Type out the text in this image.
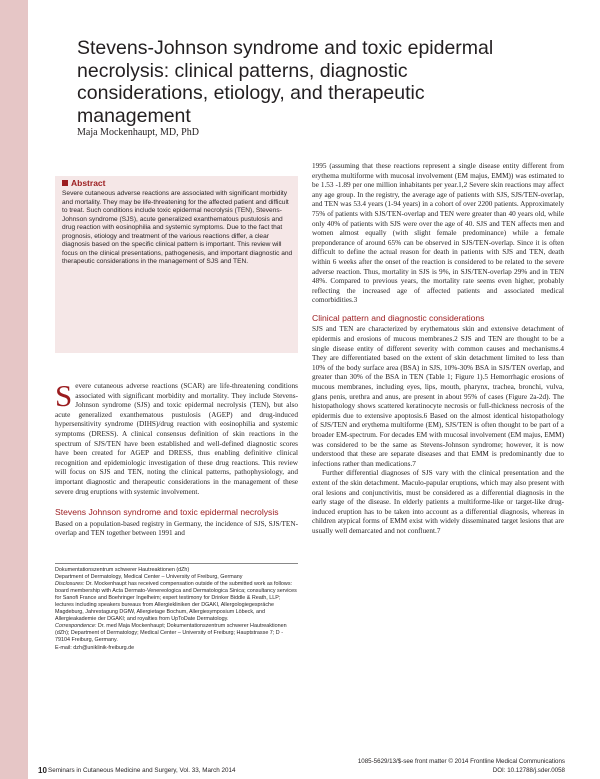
Stevens-Johnson syndrome and toxic epidermal necrolysis: clinical patterns, diagnostic considerations, etiology, and therapeutic management
Maja Mockenhaupt, MD, PhD
Abstract

Severe cutaneous adverse reactions are associated with significant morbidity and mortality. They may be life-threatening for the affected patient and difficult to treat. Such conditions include toxic epidermal necrolysis (TEN), Stevens-Johnson syndrome (SJS), acute generalized exanthematous pustulosis and drug reaction with eosinophilia and systemic symptoms. Due to the fact that prognosis, etiology and treatment of the various reactions differ, a clear diagnosis based on the specific clinical pattern is important. This review will focus on the clinical presentations, pathogenesis, and important diagnostic and therapeutic considerations in the management of SJS and TEN.

Severe cutaneous adverse reactions (SCAR) are life-threatening conditions associated with significant morbidity and mortality. They include Stevens-Johnson syndrome (SJS) and toxic epidermal necrolysis (TEN), but also acute generalized exanthematous pustulosis (AGEP) and drug-induced hypersensitivity syndrome (DIHS)/drug reaction with eosinophilia and systemic symptoms (DRESS). A clinical consensus definition of skin reactions in the spectrum of SJS/TEN have been established and well-defined diagnostic scores have been created for AGEP and DRESS, thus enabling definitive clinical recognition and epidemiologic investigation of these drug reactions. This review will focus on SJS and TEN, noting the clinical patterns, pathophysiology, and important diagnostic and therapeutic considerations in the management of these severe drug eruptions with systemic involvement.

Stevens Johnson syndrome and toxic epidermal necrolysis

Based on a population-based registry in Germany, the incidence of SJS, SJS/TEN-overlap and TEN together between 1991 and

Dokumentationszentrum schwerer Hautreaktionen (dZh)

Department of Dermatology, Medical Center – University of Freiburg, Germany

Disclosures: Dr. Mockenhaupt has received compensation outside of the submitted work as follows: board membership with Acta Dermato-Venereologica and Dermatologica Sinica; consultancy services for Sanofi France and Boehringer Ingelheim; expert testimony for Drinker Biddle & Reath, LLP; lectures including speakers bureaus from Allergiekliniken der DGAKI, Allergologiegespräche Magdeburg, Jahrestagung DGfW, Allergietage Bochum, Allergiesymposium Löbeck, and Allergieakademie der DGAKI; and royalties from UpToDate Dermatology.

Correspondence: Dr. med Maja Mockenhaupt; Dokumentationszentrum schwerer Hautreaktionen (dZh); Department of Dermatology; Medical Center – University of Freiburg; Hauptstrasse 7; D - 79104 Freiburg, Germany.

E-mail: dzh@uniklinik-freiburg.de

1995 (assuming that these reactions represent a single disease entity different from erythema multiforme with mucosal involvement (EM majus, EMM)) was estimated to be 1.53 -1.89 per one million inhabitants per year.1,2 Severe skin reactions may affect any age group. In the registry, the average age of patients with SJS, SJS/TEN-overlap, and TEN was 53.4 years (1-94 years) in a cohort of over 2200 patients. Approximately 75% of patients with SJS/TEN-overlap and TEN were greater than 40 years old, while only 40% of patients with SJS were over the age of 40. SJS and TEN affects men and women almost equally (with slight female predominance) while a female preponderance of around 65% can be observed in SJS/TEN-overlap. Since it is often difficult to define the actual reason for death in patients with SJS and TEN, death within 6 weeks after the onset of the reaction is considered to be related to the severe adverse reaction. Thus, mortality in SJS is 9%, in SJS/TEN-overlap 29% and in TEN 48%. Compared to previous years, the mortality rate seems even higher, probably reflecting the increased age of affected patients and associated medical comorbidities.3

Clinical pattern and diagnostic considerations

SJS and TEN are characterized by erythematous skin and extensive detachment of epidermis and erosions of mucous membranes.2 SJS and TEN are thought to be a single disease entity of different severity with common causes and mechanisms.4 They are differentiated based on the extent of skin detachment limited to less than 10% of the body surface area (BSA) in SJS, 10%-30% BSA in SJS/TEN overlap, and greater than 30% of the BSA in TEN (Table 1; Figure 1).5 Hemorrhagic erosions of mucous membranes, including eyes, lips, mouth, pharynx, trachea, bronchi, vulva, glans penis, urethra and anus, are present in about 95% of cases (Figure 2a-2d). The histopathology shows scattered keratinocyte necrosis or full-thickness necrosis of the epidermis due to extensive apoptosis.6 Based on the almost identical histopathology of SJS/TEN and erythema multiforme (EM), SJS/TEN is often thought to be part of a broader EM-spectrum. For decades EM with mucosal involvement (EM majus, EMM) was considered to be the same as Stevens-Johnson syndrome; however, it is now understood that these are separate diseases and that EMM is predominantly due to infections rather than medications.7

Further differential diagnoses of SJS vary with the clinical presentation and the extent of the skin detachment. Maculo-papular eruptions, which may also present with oral lesions and conjunctivitis, must be considered as a differential diagnosis in the early stage of the disease. In elderly patients a multiforme-like or target-like drug-induced eruption has to be taken into account as a differential diagnosis, whereas in children atypical forms of EMM exist with widely disseminated target lesions that are usually well demarcated and not confluent.7

10 Seminars in Cutaneous Medicine and Surgery, Vol. 33, March 2014
1085-5629/13/$-see front matter © 2014 Frontline Medical Communications
DOI: 10.12788/j.sder.0058
